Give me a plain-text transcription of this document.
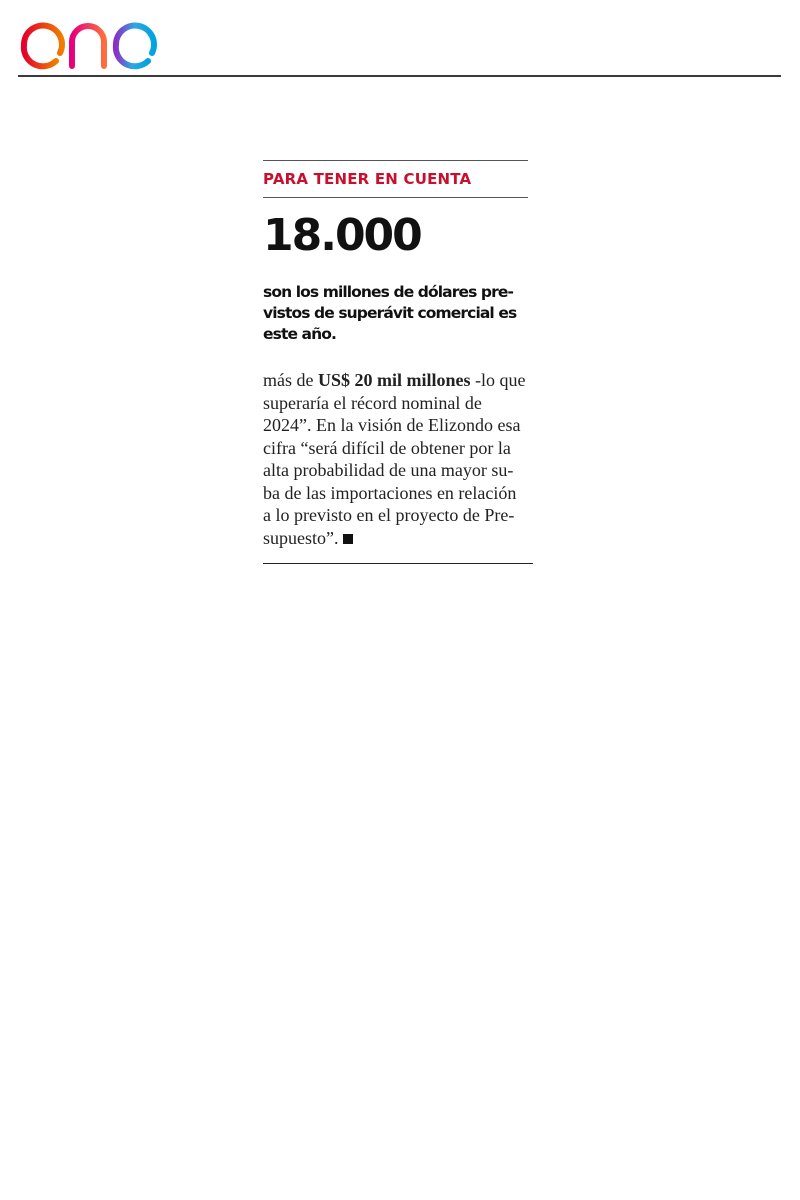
PARA TENER EN CUENTA
18.000
son los millones de dólares pre-
vistos de superávit comercial es
este año.
más de US$ 20 mil millones -lo que
superaría el récord nominal de
2024”. En la visión de Elizondo esa
cifra “será difícil de obtener por la
alta probabilidad de una mayor su-
ba de las importaciones en relación
a lo previsto en el proyecto de Pre-
supuesto”.
